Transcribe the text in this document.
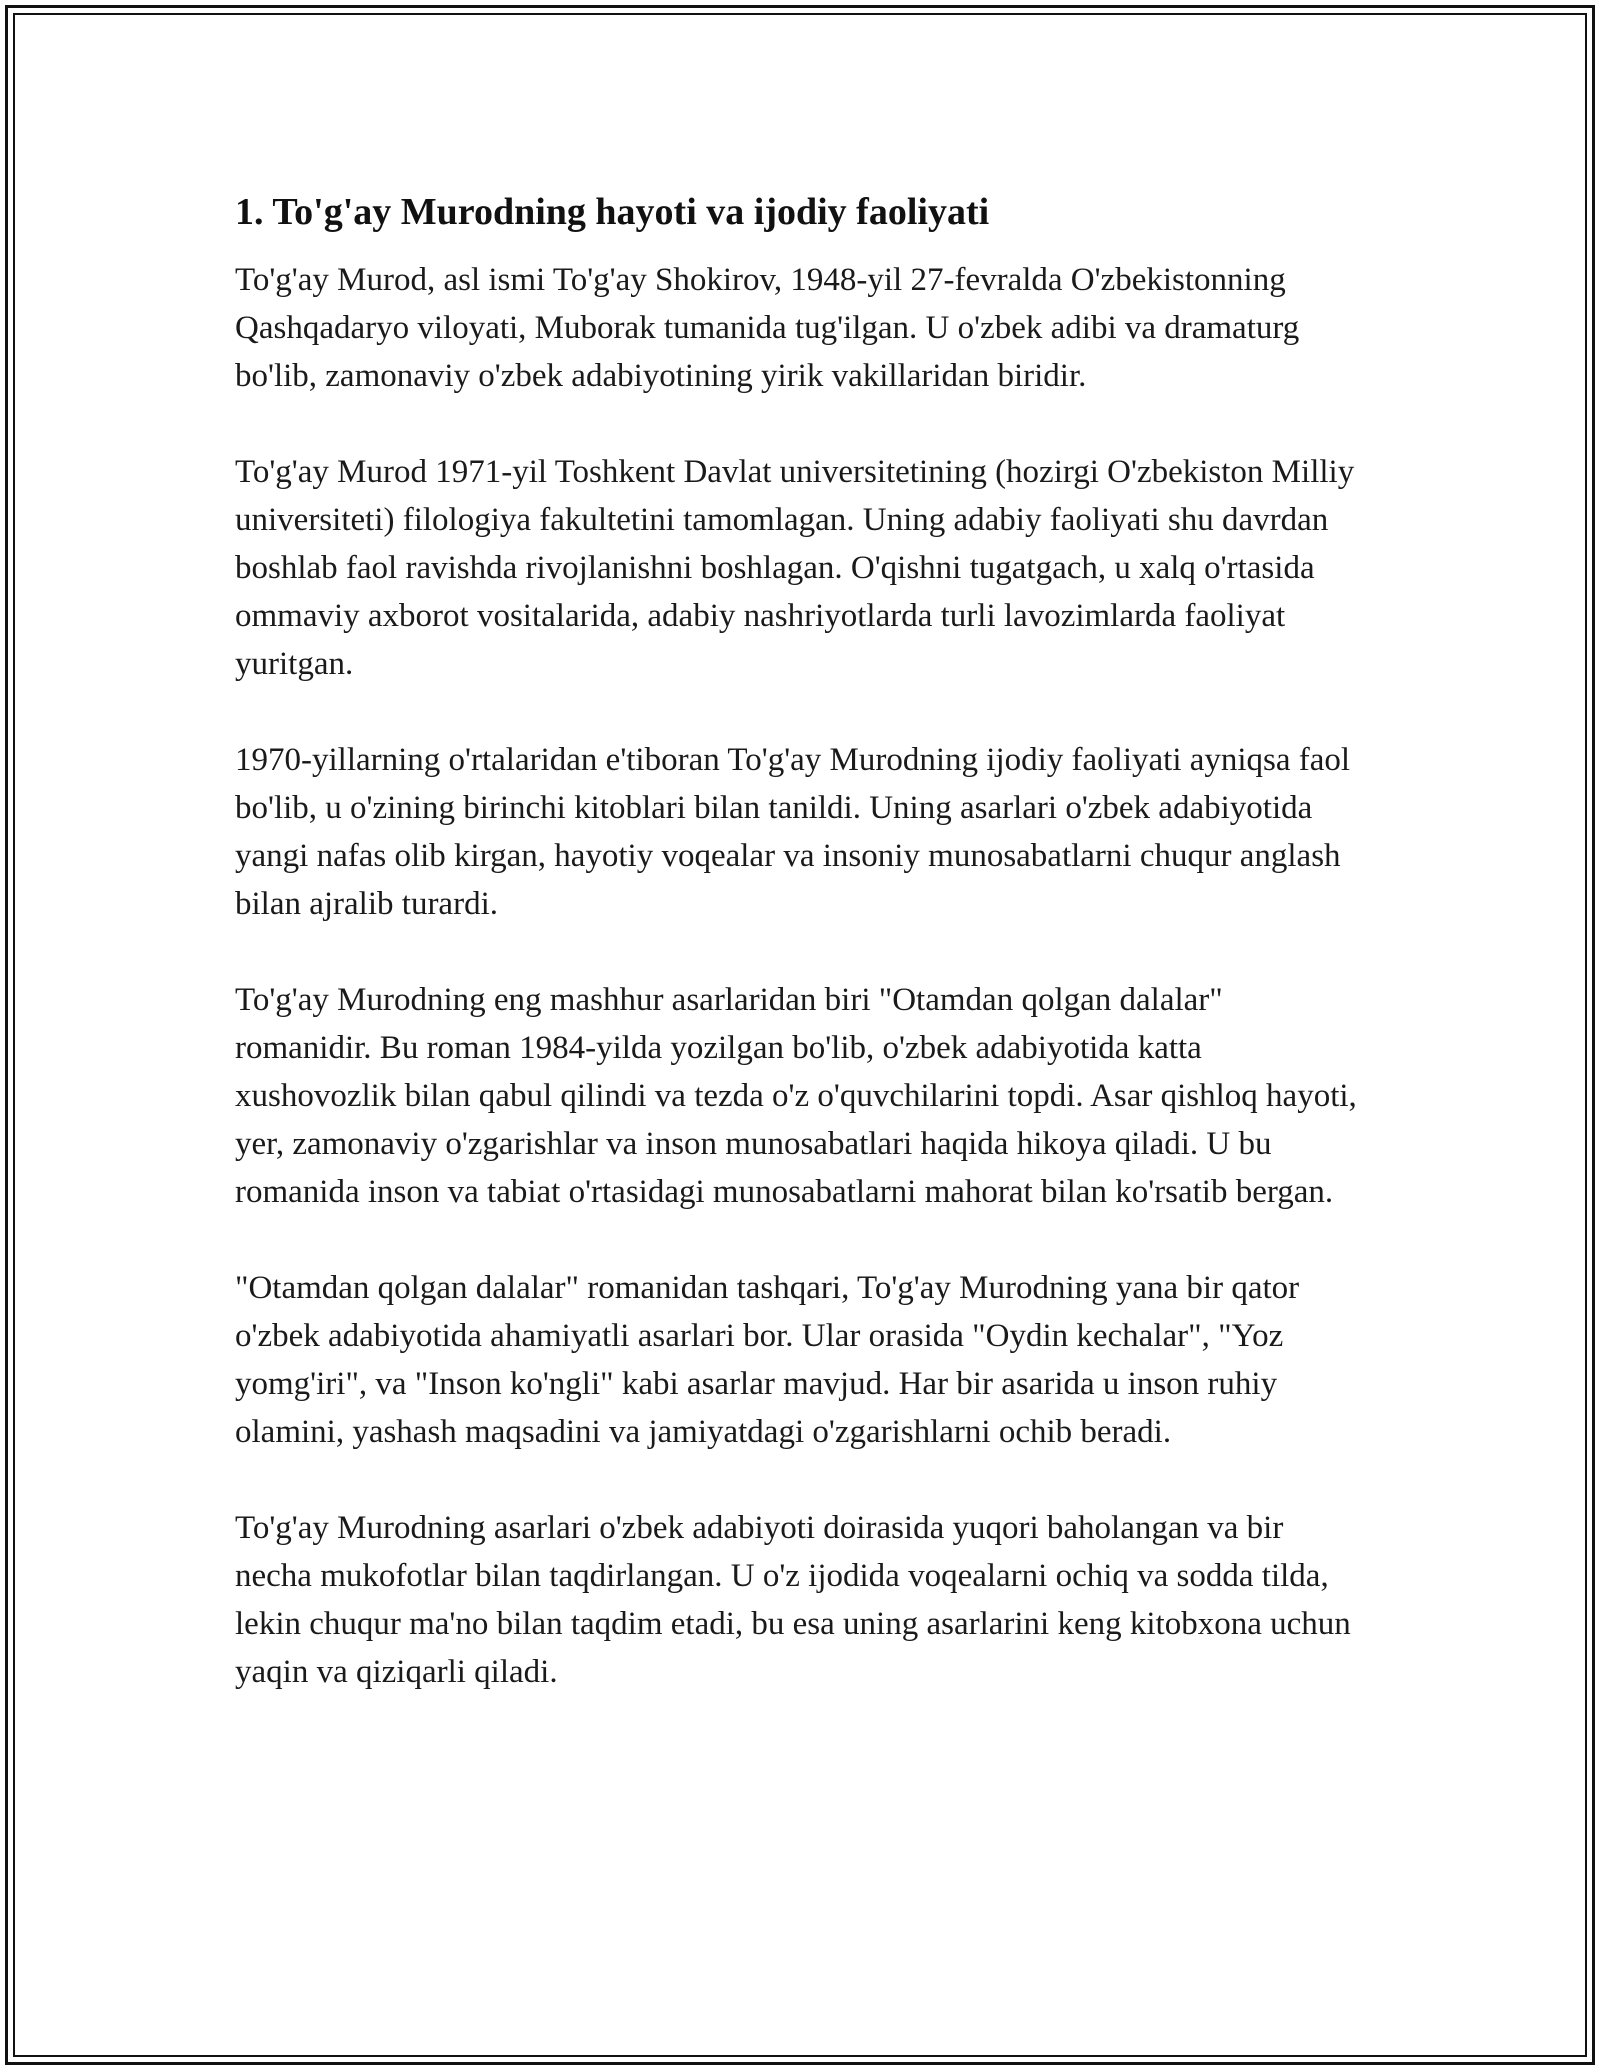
1. To'g'ay Murodning hayoti va ijodiy faoliyati

To'g'ay Murod, asl ismi To'g'ay Shokirov, 1948-yil 27-fevralda O'zbekistonning Qashqadaryo viloyati, Muborak tumanida tug'ilgan. U o'zbek adibi va dramaturg bo'lib, zamonaviy o'zbek adabiyotining yirik vakillaridan biridir.

To'g'ay Murod 1971-yil Toshkent Davlat universitetining (hozirgi O'zbekiston Milliy universiteti) filologiya fakultetini tamomlagan. Uning adabiy faoliyati shu davrdan boshlab faol ravishda rivojlanishni boshlagan. O'qishni tugatgach, u xalq o'rtasida ommaviy axborot vositalarida, adabiy nashriyotlarda turli lavozimlarda faoliyat yuritgan.

1970-yillarning o'rtalaridan e'tiboran To'g'ay Murodning ijodiy faoliyati ayniqsa faol bo'lib, u o'zining birinchi kitoblari bilan tanildi. Uning asarlari o'zbek adabiyotida yangi nafas olib kirgan, hayotiy voqealar va insoniy munosabatlarni chuqur anglash bilan ajralib turardi.

To'g'ay Murodning eng mashhur asarlaridan biri "Otamdan qolgan dalalar" romanidir. Bu roman 1984-yilda yozilgan bo'lib, o'zbek adabiyotida katta xushovozlik bilan qabul qilindi va tezda o'z o'quvchilarini topdi. Asar qishloq hayoti, yer, zamonaviy o'zgarishlar va inson munosabatlari haqida hikoya qiladi. U bu romanida inson va tabiat o'rtasidagi munosabatlarni mahorat bilan ko'rsatib bergan.

"Otamdan qolgan dalalar" romanidan tashqari, To'g'ay Murodning yana bir qator o'zbek adabiyotida ahamiyatli asarlari bor. Ular orasida "Oydin kechalar", "Yoz yomg'iri", va "Inson ko'ngli" kabi asarlar mavjud. Har bir asarida u inson ruhiy olamini, yashash maqsadini va jamiyatdagi o'zgarishlarni ochib beradi.

To'g'ay Murodning asarlari o'zbek adabiyoti doirasida yuqori baholangan va bir necha mukofotlar bilan taqdirlangan. U o'z ijodida voqealarni ochiq va sodda tilda, lekin chuqur ma'no bilan taqdim etadi, bu esa uning asarlarini keng kitobxona uchun yaqin va qiziqarli qiladi.
